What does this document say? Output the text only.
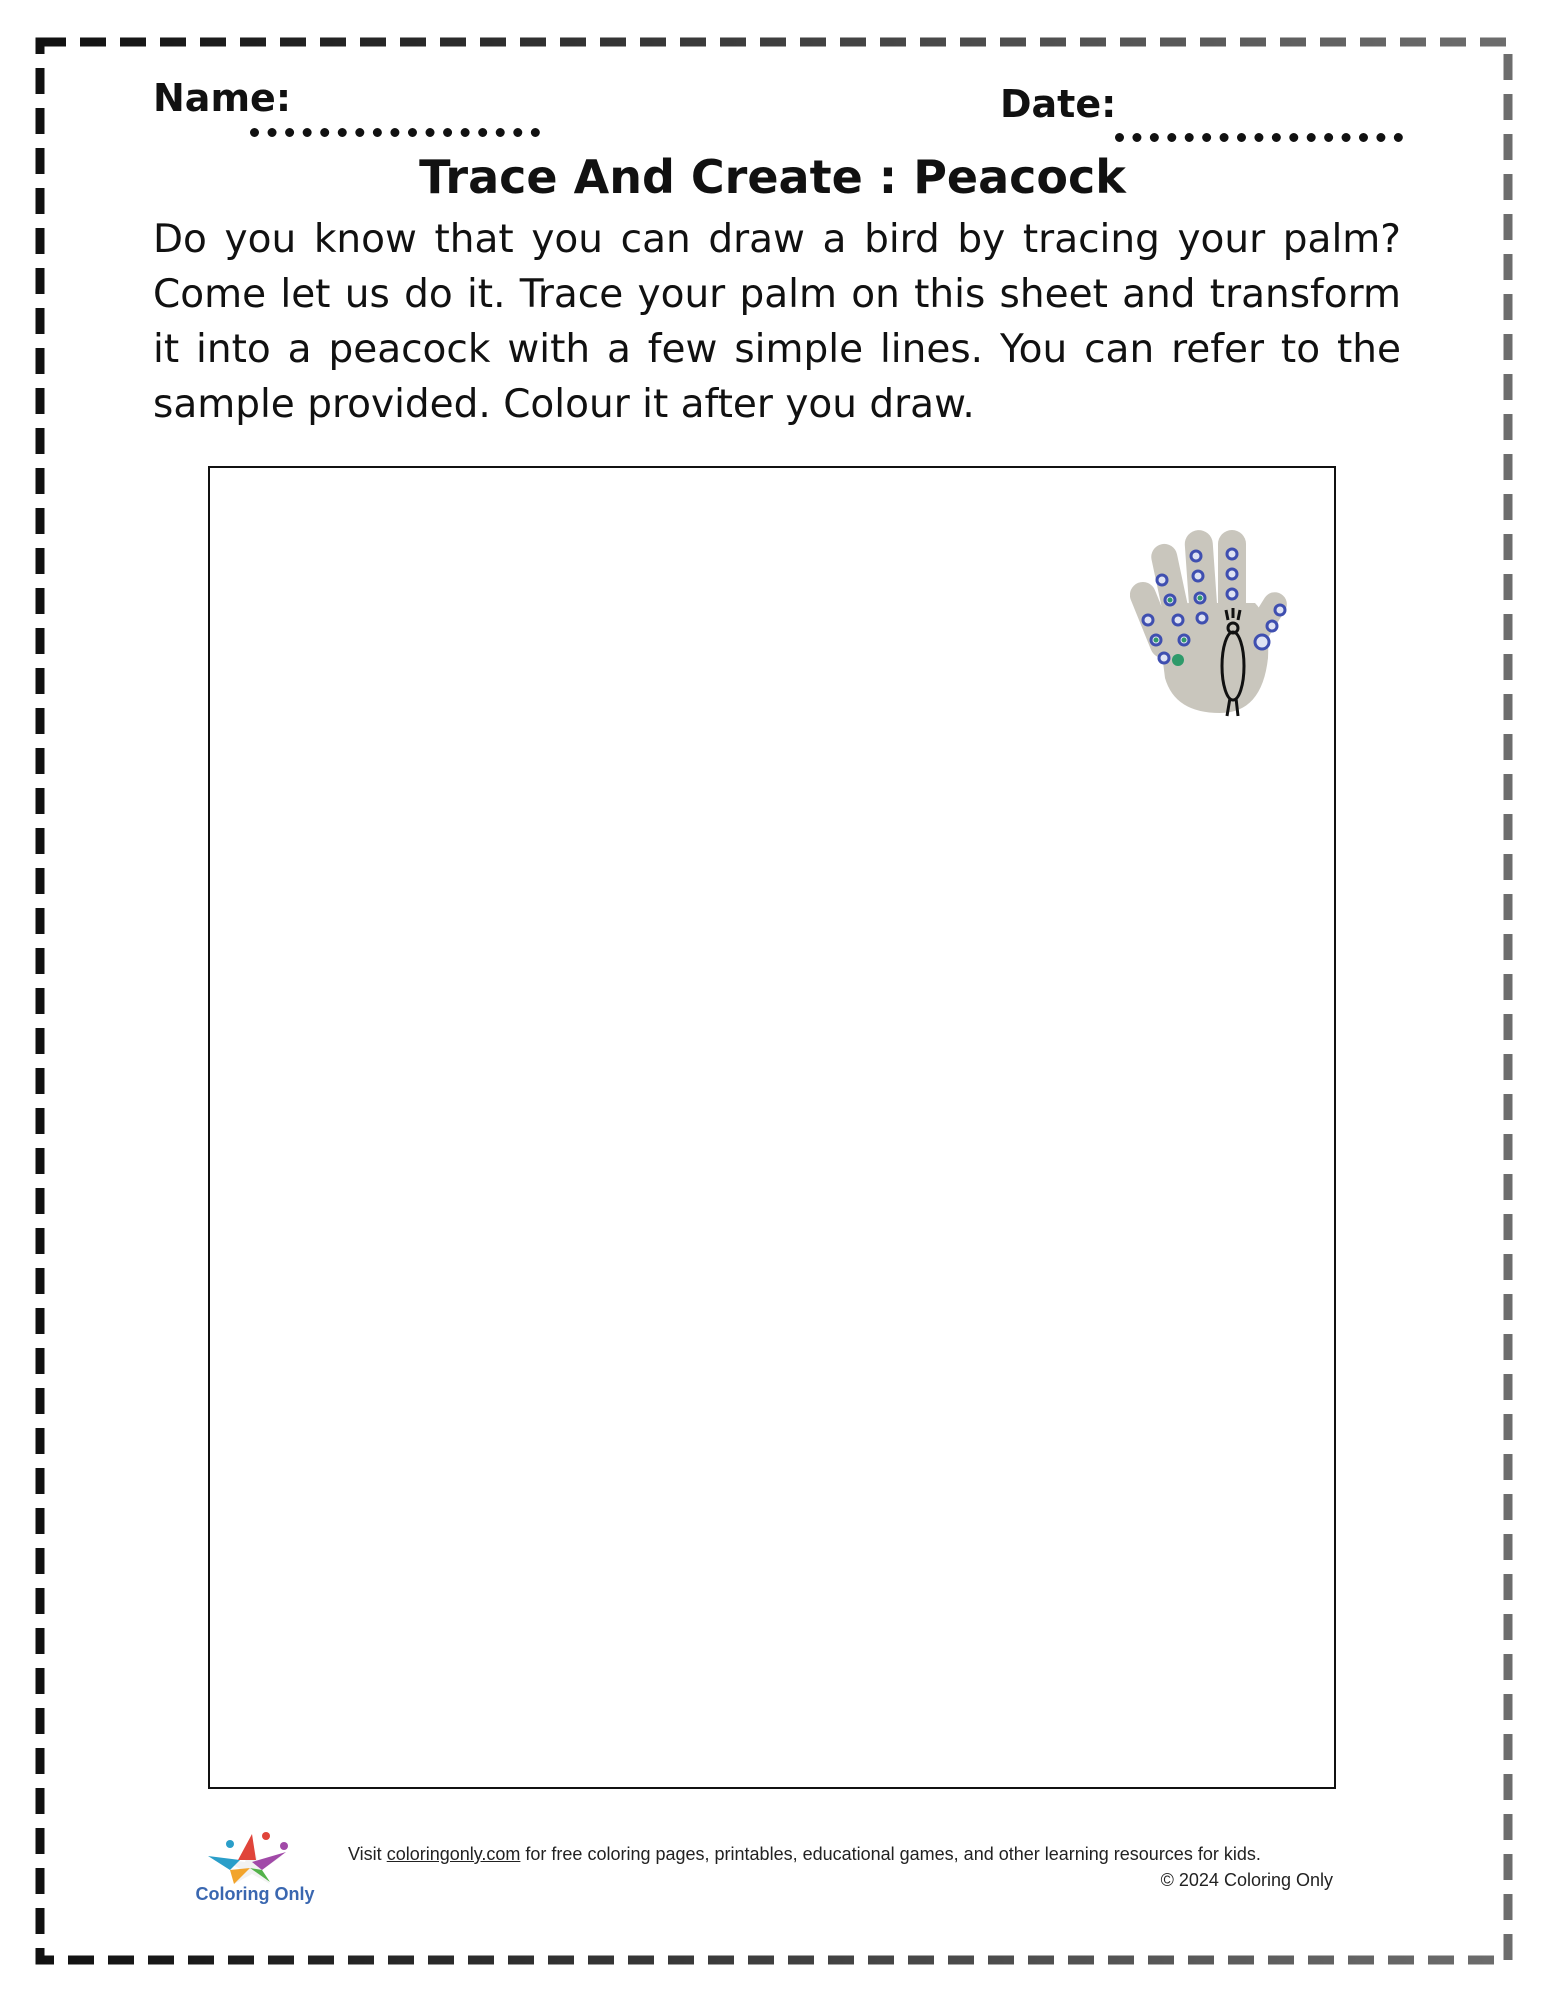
Name:	Date:
Trace And Create : Peacock

Do you know that you can draw a bird by tracing your palm? Come let us do it. Trace your palm on this sheet and transform it into a peacock with a few simple lines. You can refer to the sample provided. Colour it after you draw.

Coloring Only
Visit coloringonly.com for free coloring pages, printables, educational games, and other learning resources for kids.
© 2024 Coloring Only
